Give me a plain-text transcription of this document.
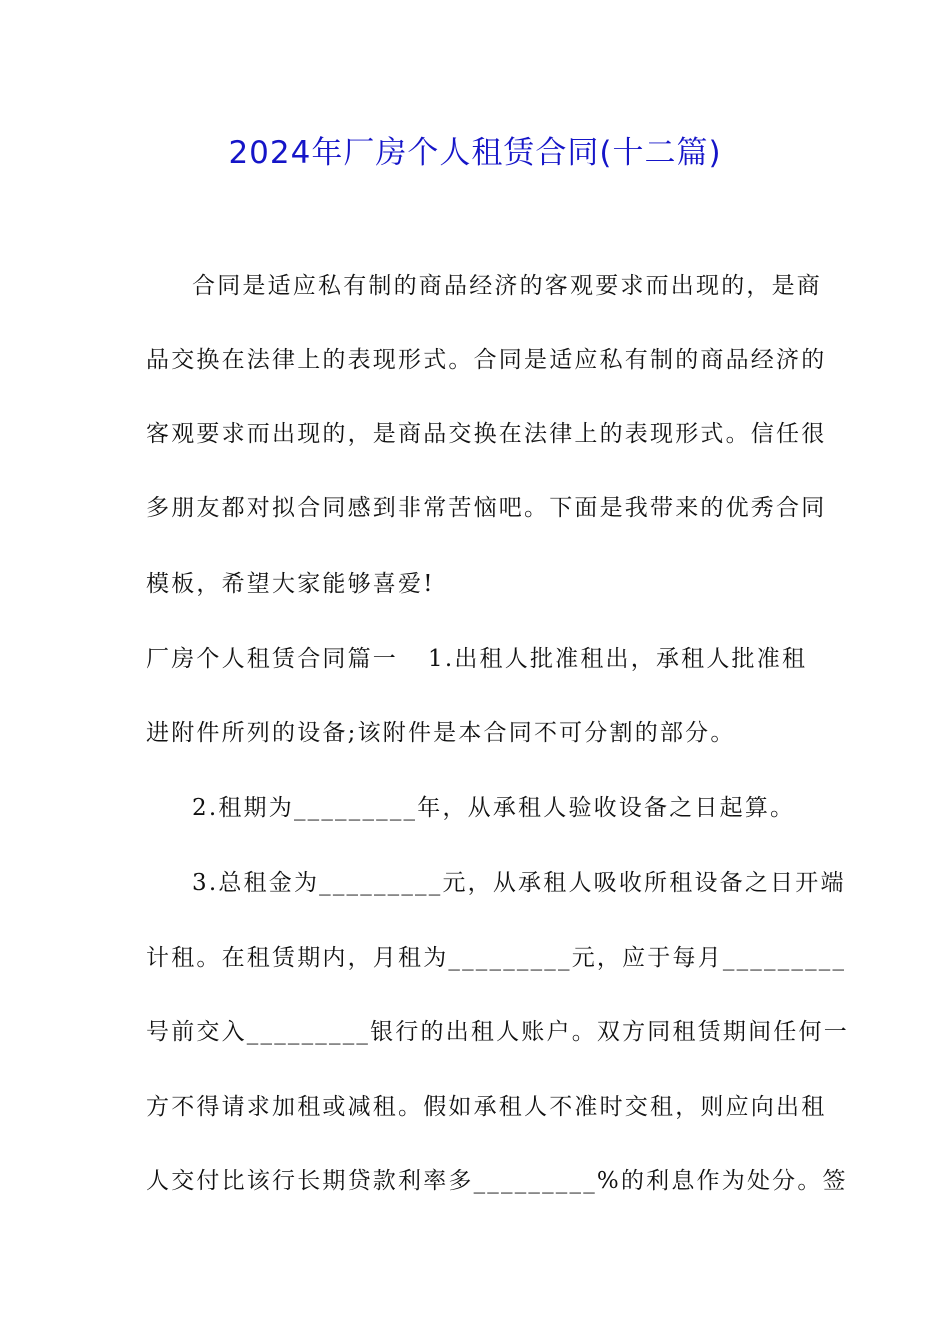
2024年厂房个人租赁合同(十二篇)
合同是适应私有制的商品经济的客观要求而出现的，是商
品交换在法律上的表现形式。合同是适应私有制的商品经济的
客观要求而出现的，是商品交换在法律上的表现形式。信任很
多朋友都对拟合同感到非常苦恼吧。下面是我带来的优秀合同
模板，希望大家能够喜爱!
厂房个人租赁合同篇一 1.出租人批准租出，承租人批准租
进附件所列的设备;该附件是本合同不可分割的部分。
2.租期为_________年，从承租人验收设备之日起算。
3.总租金为_________元，从承租人吸收所租设备之日开端
计租。在租赁期内，月租为_________元，应于每月_________
号前交入_________银行的出租人账户。双方同租赁期间任何一
方不得请求加租或减租。假如承租人不准时交租，则应向出租
人交付比该行长期贷款利率多_________%的利息作为处分。签
